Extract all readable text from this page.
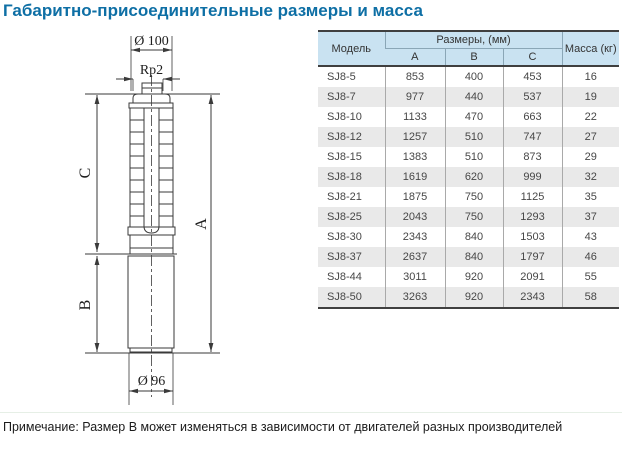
Габаритно-присоединительные размеры и масса
Ø 100
Rp2
C
B
A
Ø 96
Модель	Размеры, (мм)			Масса (кг)
	A	B	C	
SJ8-5	853	400	453	16
SJ8-7	977	440	537	19
SJ8-10	1133	470	663	22
SJ8-12	1257	510	747	27
SJ8-15	1383	510	873	29
SJ8-18	1619	620	999	32
SJ8-21	1875	750	1125	35
SJ8-25	2043	750	1293	37
SJ8-30	2343	840	1503	43
SJ8-37	2637	840	1797	46
SJ8-44	3011	920	2091	55
SJ8-50	3263	920	2343	58
Примечание: Размер B может изменяться в зависимости от двигателей разных производителей
